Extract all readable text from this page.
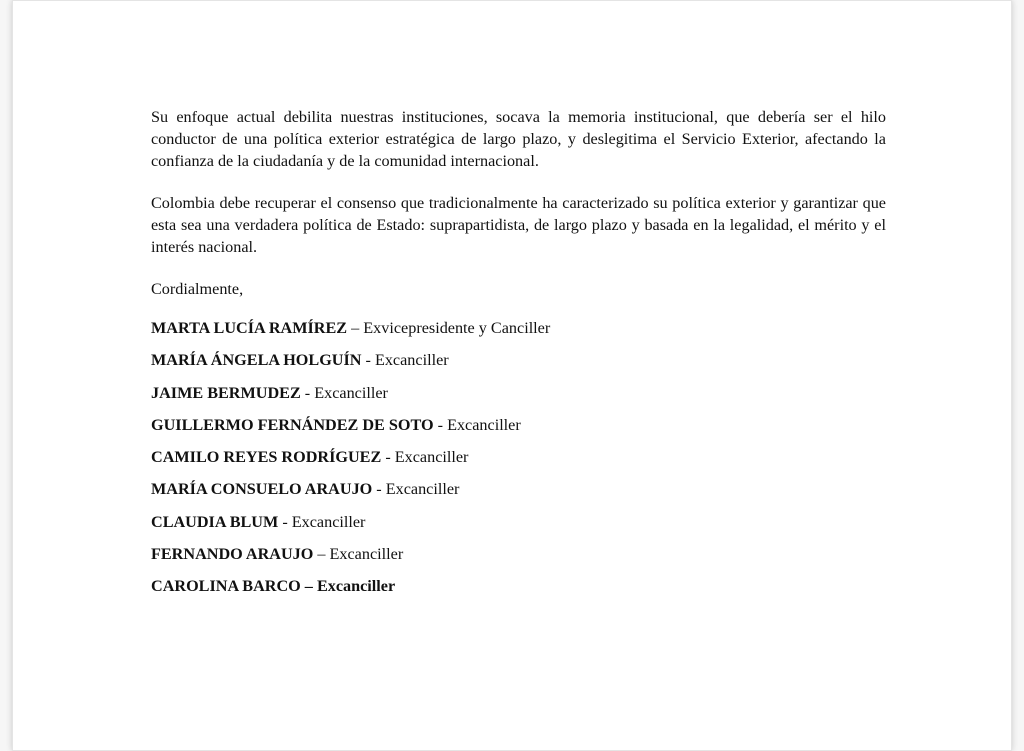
Su enfoque actual debilita nuestras instituciones, socava la memoria institucional, que debería ser el hilo conductor de una política exterior estratégica de largo plazo, y deslegitima el Servicio Exterior, afectando la confianza de la ciudadanía y de la comunidad internacional.

Colombia debe recuperar el consenso que tradicionalmente ha caracterizado su política exterior y garantizar que esta sea una verdadera política de Estado: suprapartidista, de largo plazo y basada en la legalidad, el mérito y el interés nacional.

Cordialmente,

MARTA LUCÍA RAMÍREZ – Exvicepresidente y Canciller
MARÍA ÁNGELA HOLGUÍN - Excanciller
JAIME BERMUDEZ - Excanciller
GUILLERMO FERNÁNDEZ DE SOTO - Excanciller
CAMILO REYES RODRÍGUEZ - Excanciller
MARÍA CONSUELO ARAUJO - Excanciller
CLAUDIA BLUM - Excanciller
FERNANDO ARAUJO – Excanciller
CAROLINA BARCO – Excanciller
